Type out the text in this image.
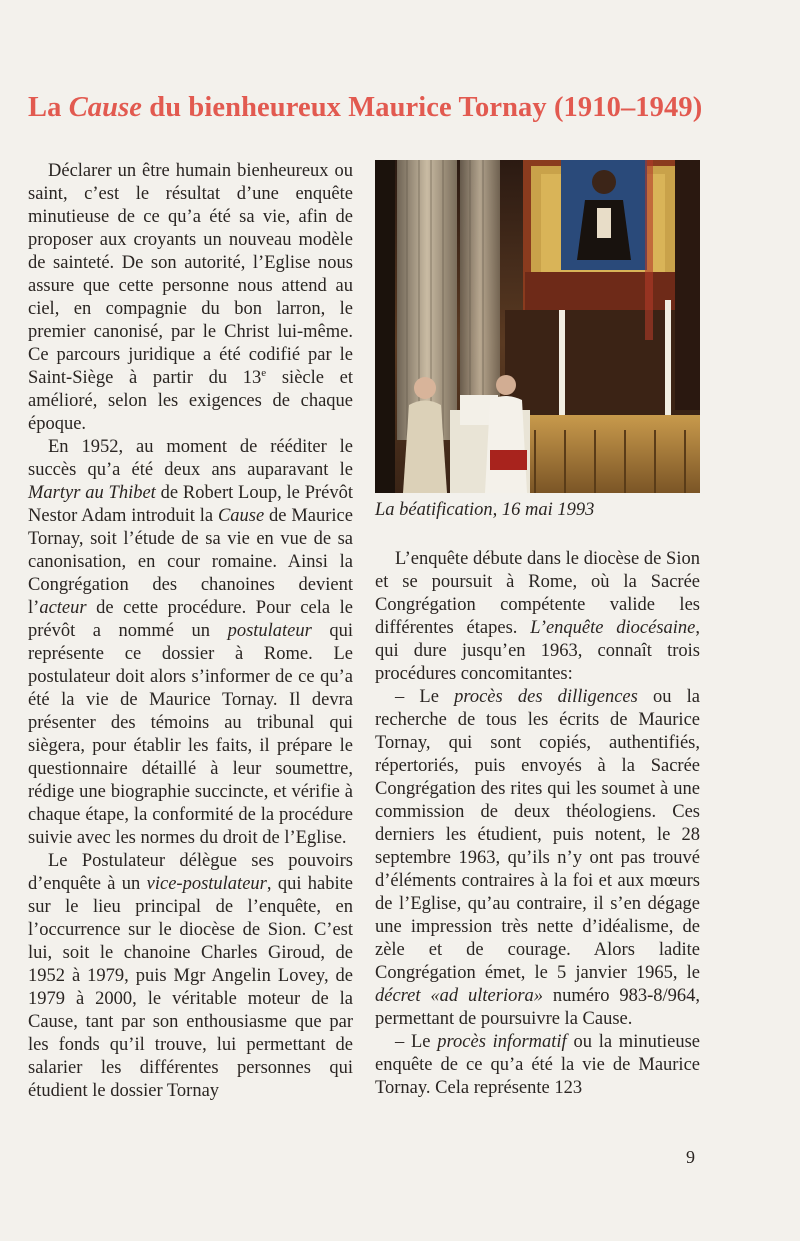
La Cause du bienheureux Maurice Tornay (1910–1949)

Déclarer un être humain bienheureux ou saint, c’est le résultat d’une enquête minutieuse de ce qu’a été sa vie, afin de proposer aux croyants un nouveau modèle de sainteté. De son autorité, l’Eglise nous assure que cette personne nous attend au ciel, en compagnie du bon larron, le premier canonisé, par le Christ lui-même. Ce parcours juridique a été codifié par le Saint-Siège à partir du 13e siècle et amélioré, selon les exigences de chaque époque.

En 1952, au moment de rééditer le succès qu’a été deux ans auparavant le Martyr au Thibet de Robert Loup, le Prévôt Nestor Adam introduit la Cause de Maurice Tornay, soit l’étude de sa vie en vue de sa canonisation, en cour romaine. Ainsi la Congrégation des chanoines devient l’acteur de cette procédure. Pour cela le prévôt a nommé un postulateur qui représente ce dossier à Rome. Le postulateur doit alors s’informer de ce qu’a été la vie de Maurice Tornay. Il devra présenter des témoins au tribunal qui siègera, pour établir les faits, il prépare le questionnaire détaillé à leur soumettre, rédige une biographie succincte, et vérifie à chaque étape, la conformité de la procédure suivie avec les normes du droit de l’Eglise.

Le Postulateur délègue ses pouvoirs d’enquête à un vice-postulateur, qui habite sur le lieu principal de l’enquête, en l’occurrence sur le diocèse de Sion. C’est lui, soit le chanoine Charles Giroud, de 1952 à 1979, puis Mgr Angelin Lovey, de 1979 à 2000, le véritable moteur de la Cause, tant par son enthousiasme que par les fonds qu’il trouve, lui permettant de salarier les différentes personnes qui étudient le dossier Tornay

La béatification, 16 mai 1993

L’enquête débute dans le diocèse de Sion et se poursuit à Rome, où la Sacrée Congrégation compétente valide les différentes étapes. L’enquête diocésaine, qui dure jusqu’en 1963, connaît trois procédures concomitantes:

– Le procès des dilligences ou la recherche de tous les écrits de Maurice Tornay, qui sont copiés, authentifiés, répertoriés, puis envoyés à la Sacrée Congrégation des rites qui les soumet à une commission de deux théologiens. Ces derniers les étudient, puis notent, le 28 septembre 1963, qu’ils n’y ont pas trouvé d’éléments contraires à la foi et aux mœurs de l’Eglise, qu’au contraire, il s’en dégage une impression très nette d’idéalisme, de zèle et de courage. Alors ladite Congrégation émet, le 5 janvier 1965, le décret «ad ulteriora» numéro 983-8/964, permettant de poursuivre la Cause.

– Le procès informatif ou la minutieuse enquête de ce qu’a été la vie de Maurice Tornay. Cela représente 123

9
